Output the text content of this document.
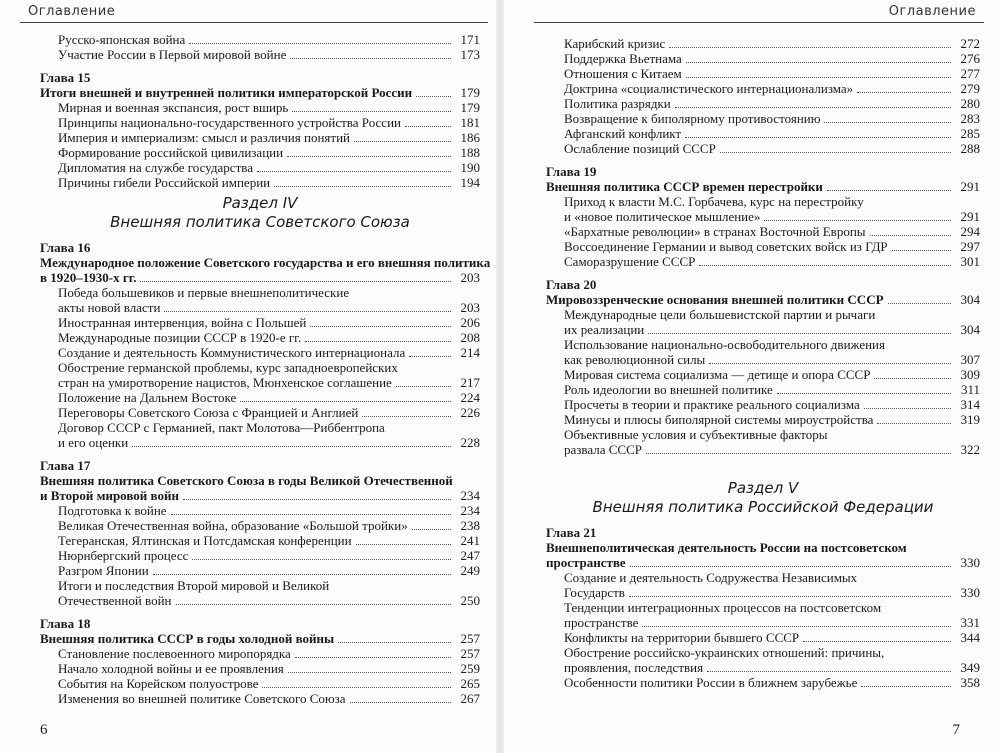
Оглавление
Русско-японская война	171
Участие России в Первой мировой войне	173
Глава 15
Итоги внешней и внутренней политики императорской России	179
Мирная и военная экспансия, рост вширь	179
Принципы национально-государственного устройства России	181
Империя и империализм: смысл и различия понятий	186
Формирование российской цивилизации	188
Дипломатия на службе государства	190
Причины гибели Российской империи	194
Раздел IV
Внешняя политика Советского Союза
Глава 16
Международное положение Советского государства и его внешняя политика
в 1920–1930-х гг.	203
Победа большевиков и первые внешнеполитические
акты новой власти	203
Иностранная интервенция, война с Польшей	206
Международные позиции СССР в 1920-е гг.	208
Создание и деятельность Коммунистического интернационала	214
Обострение германской проблемы, курс западноевропейских
стран на умиротворение нацистов, Мюнхенское соглашение	217
Положение на Дальнем Востоке	224
Переговоры Советского Союза с Францией и Англией	226
Договор СССР с Германией, пакт Молотова—Риббентропа
и его оценки	228
Глава 17
Внешняя политика Советского Союза в годы Великой Отечественной
и Второй мировой войн	234
Подготовка к войне	234
Великая Отечественная война, образование «Большой тройки»	238
Тегеранская, Ялтинская и Потсдамская конференции	241
Нюрнбергский процесс	247
Разгром Японии	249
Итоги и последствия Второй мировой и Великой
Отечественной войн	250
Глава 18
Внешняя политика СССР в годы холодной войны	257
Становление послевоенного миропорядка	257
Начало холодной войны и ее проявления	259
События на Корейском полуострове	265
Изменения во внешней политике Советского Союза	267
6
Оглавление
Карибский кризис	272
Поддержка Вьетнама	276
Отношения с Китаем	277
Доктрина «социалистического интернационализма»	279
Политика разрядки	280
Возвращение к биполярному противостоянию	283
Афганский конфликт	285
Ослабление позиций СССР	288
Глава 19
Внешняя политика СССР времен перестройки	291
Приход к власти М.С. Горбачева, курс на перестройку
и «новое политическое мышление»	291
«Бархатные революции» в странах Восточной Европы	294
Воссоединение Германии и вывод советских войск из ГДР	297
Саморазрушение СССР	301
Глава 20
Мировоззренческие основания внешней политики СССР	304
Международные цели большевистской партии и рычаги
их реализации	304
Использование национально-освободительного движения
как революционной силы	307
Мировая система социализма — детище и опора СССР	309
Роль идеологии во внешней политике	311
Просчеты в теории и практике реального социализма	314
Минусы и плюсы биполярной системы мироустройства	319
Объективные условия и субъективные факторы
развала СССР	322
Раздел V
Внешняя политика Российской Федерации
Глава 21
Внешнеполитическая деятельность России на постсоветском
пространстве	330
Создание и деятельность Содружества Независимых
Государств	330
Тенденции интеграционных процессов на постсоветском
пространстве	331
Конфликты на территории бывшего СССР	344
Обострение российско-украинских отношений: причины,
проявления, последствия	349
Особенности политики России в ближнем зарубежье	358
7
